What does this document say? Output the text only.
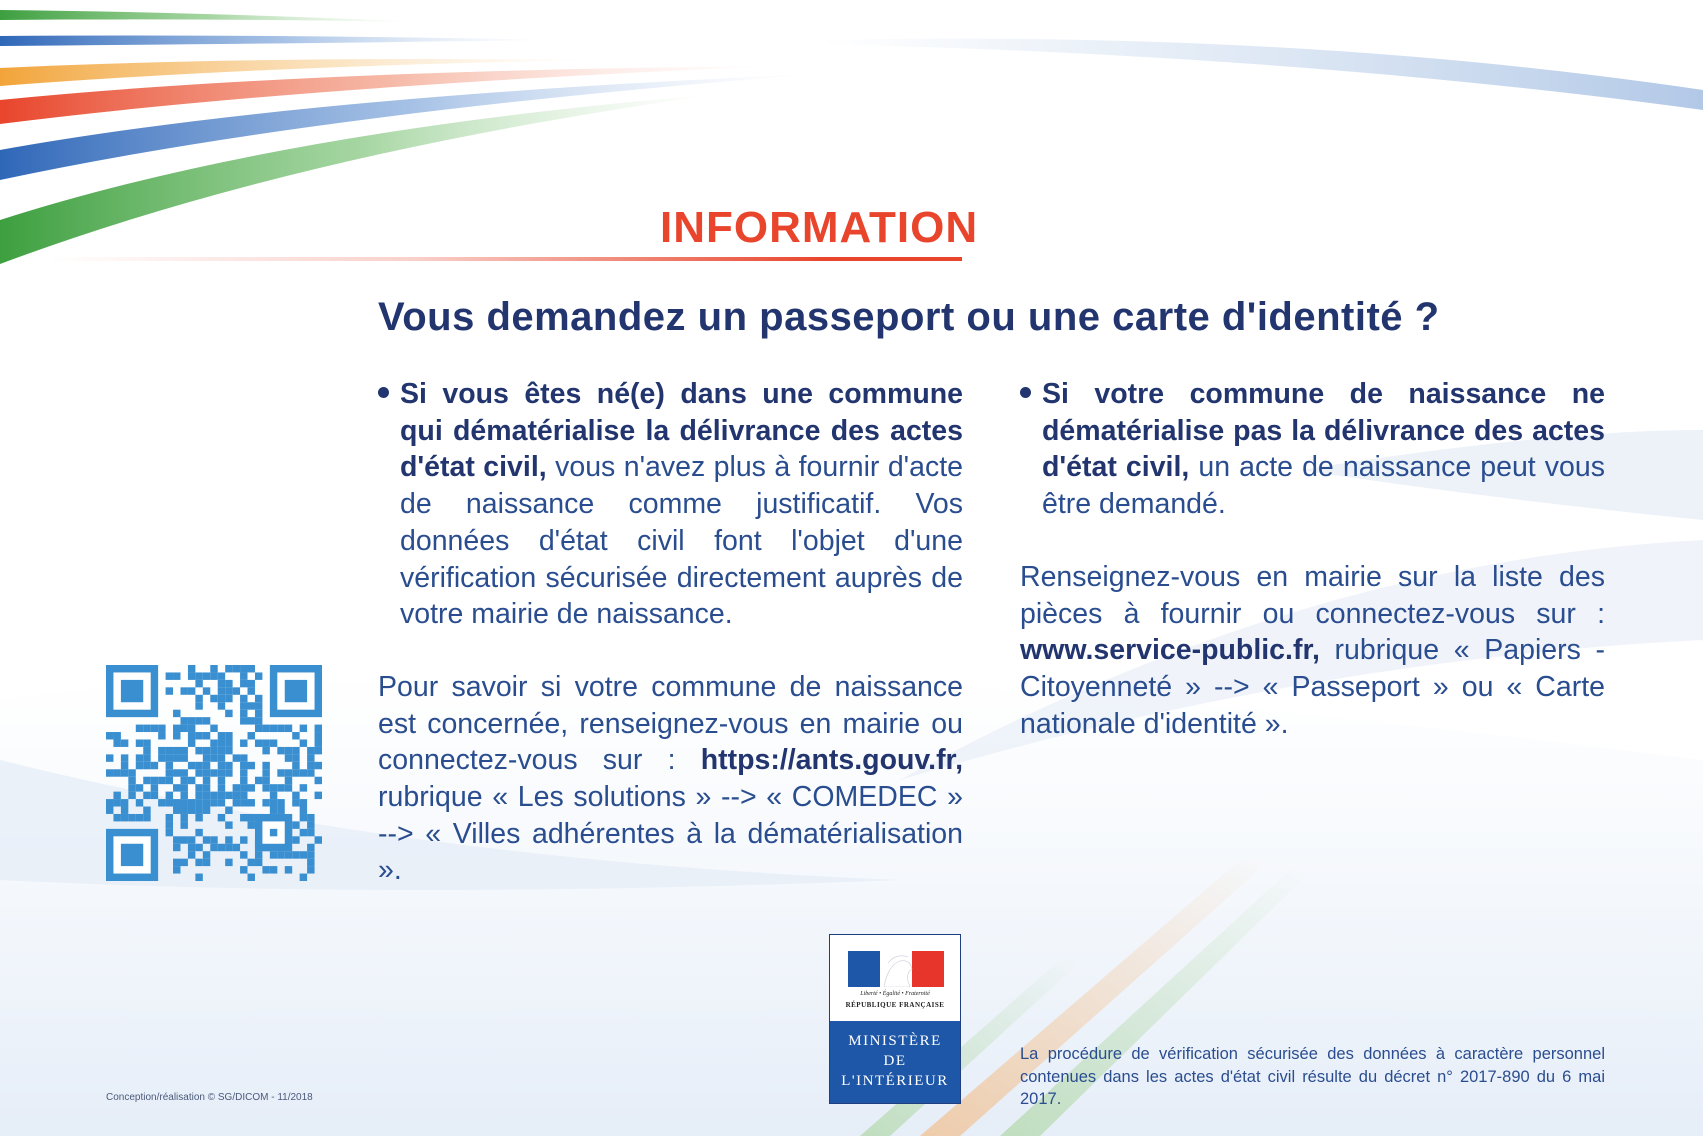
INFORMATION
Vous demandez un passeport ou une carte d'identité ?

Si vous êtes né(e) dans une commune qui dématérialise la délivrance des actes d'état civil, vous n'avez plus à fournir d'acte de naissance comme justificatif. Vos données d'état civil font l'objet d'une vérification sécurisée directement auprès de votre mairie de naissance.

Pour savoir si votre commune de naissance est concernée, renseignez-vous en mairie ou connectez-vous sur : https://ants.gouv.fr, rubrique « Les solutions » --> « COMEDEC » --> « Villes adhérentes à la dématérialisation ».

Si votre commune de naissance ne dématérialise pas la délivrance des actes d'état civil, un acte de naissance peut vous être demandé.

Renseignez-vous en mairie sur la liste des pièces à fournir ou connectez-vous sur : www.service-public.fr, rubrique « Papiers - Citoyenneté » --> « Passeport » ou « Carte nationale d'identité ».

Liberté • Égalité • Fraternité
RÉPUBLIQUE FRANÇAISE
MINISTÈRE
DE
L'INTÉRIEUR
La procédure de vérification sécurisée des données à caractère personnel contenues dans les actes d'état civil résulte du décret n° 2017-890 du 6 mai 2017.
Conception/réalisation © SG/DICOM - 11/2018
